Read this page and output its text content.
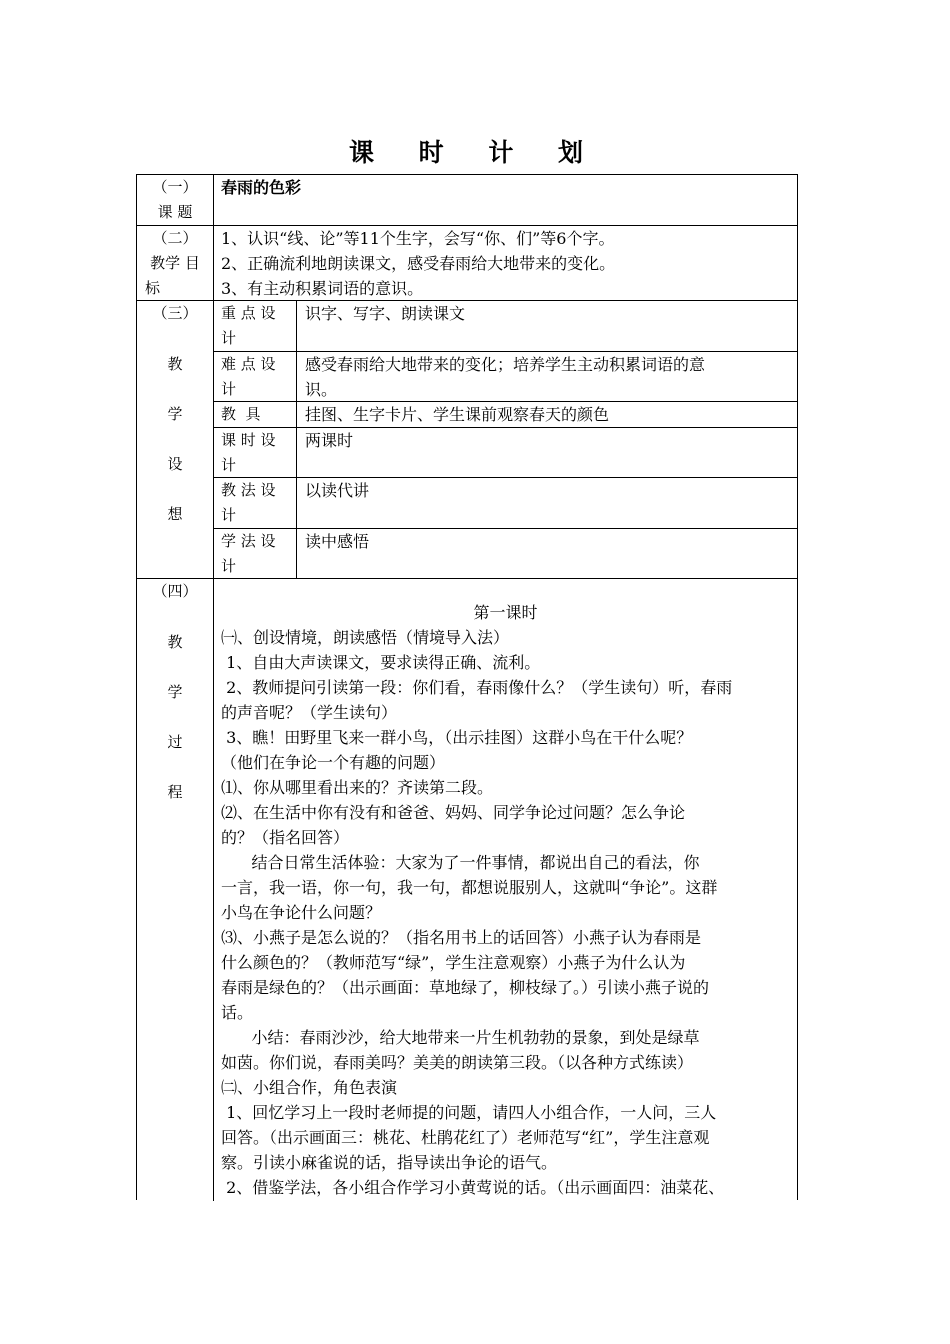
课 时 计 划
（一）
课 题
春雨的色彩
（二）
教学 目
标
1、认识“线、论”等11个生字，会写“你、们”等6个字。
2、正确流利地朗读课文，感受春雨给大地带来的变化。
3、有主动积累词语的意识。
（三）
教
学
设
想
重 点 设
计
识字、写字、朗读课文
难 点 设
计
感受春雨给大地带来的变化；培养学生主动积累词语的意
识。
教  具	挂图、生字卡片、学生课前观察春天的颜色
课 时 设
计
两课时
教 法 设
计
以读代讲
学 法 设
计
读中感悟
（四）
教
学
过
程
第一课时
㈠、创设情境，朗读感悟（情境导入法）
1、自由大声读课文，要求读得正确、流利。
2、教师提问引读第一段：你们看，春雨像什么？（学生读句）听，春雨
的声音呢？（学生读句）
3、瞧！田野里飞来一群小鸟，（出示挂图）这群小鸟在干什么呢？
（他们在争论一个有趣的问题）
⑴、你从哪里看出来的？齐读第二段。
⑵、在生活中你有没有和爸爸、妈妈、同学争论过问题？怎么争论
的？（指名回答）
结合日常生活体验：大家为了一件事情，都说出自己的看法，你
一言，我一语，你一句，我一句，都想说服别人，这就叫“争论”。这群
小鸟在争论什么问题？
⑶、小燕子是怎么说的？（指名用书上的话回答）小燕子认为春雨是
什么颜色的？（教师范写“绿”，学生注意观察）小燕子为什么认为
春雨是绿色的？（出示画面：草地绿了，柳枝绿了。）引读小燕子说的
话。
小结：春雨沙沙，给大地带来一片生机勃勃的景象，到处是绿草
如茵。你们说，春雨美吗？美美的朗读第三段。（以各种方式练读）
㈡、小组合作，角色表演
1、回忆学习上一段时老师提的问题，请四人小组合作，一人问，三人
回答。（出示画面三：桃花、杜鹃花红了）老师范写“红”，学生注意观
察。引读小麻雀说的话，指导读出争论的语气。
2、借鉴学法，各小组合作学习小黄莺说的话。（出示画面四：油菜花、
